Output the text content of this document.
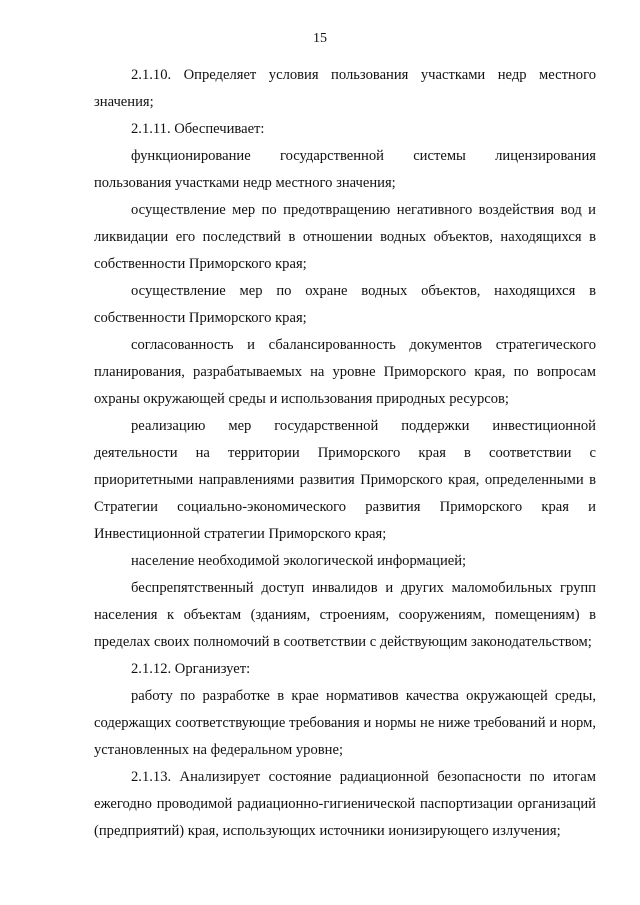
15

2.1.10. Определяет условия пользования участками недр местного значения;

2.1.11. Обеспечивает:

функционирование государственной системы лицензирования пользования участками недр местного значения;

осуществление мер по предотвращению негативного воздействия вод и ликвидации его последствий в отношении водных объектов, находящихся в собственности Приморского края;

осуществление мер по охране водных объектов, находящихся в собственности Приморского края;

согласованность и сбалансированность документов стратегического планирования, разрабатываемых на уровне Приморского края, по вопросам охраны окружающей среды и использования природных ресурсов;

реализацию мер государственной поддержки инвестиционной деятельности на территории Приморского края в соответствии с приоритетными направлениями развития Приморского края, определенными в Стратегии социально-экономического развития Приморского края и Инвестиционной стратегии Приморского края;

население необходимой экологической информацией;

беспрепятственный доступ инвалидов и других маломобильных групп населения к объектам (зданиям, строениям, сооружениям, помещениям) в пределах своих полномочий в соответствии с действующим законодательством;

2.1.12. Организует:

работу по разработке в крае нормативов качества окружающей среды, содержащих соответствующие требования и нормы не ниже требований и норм, установленных на федеральном уровне;

2.1.13. Анализирует состояние радиационной безопасности по итогам ежегодно проводимой радиационно-гигиенической паспортизации организаций (предприятий) края, использующих источники ионизирующего излучения;
